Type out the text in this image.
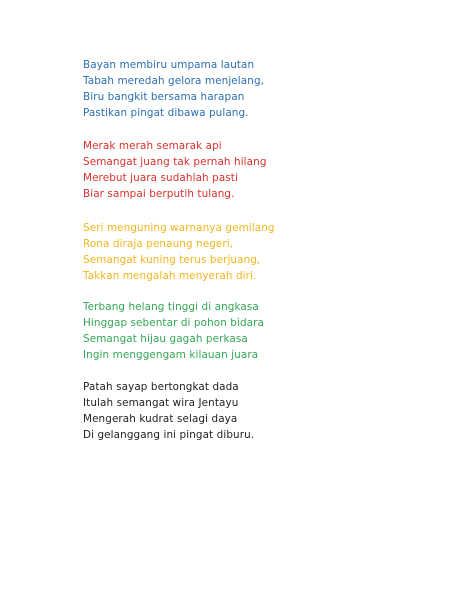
Bayan membiru umpama lautan
Tabah meredah gelora menjelang,
Biru bangkit bersama harapan
Pastikan pingat dibawa pulang.
Merak merah semarak api
Semangat juang tak pernah hilang
Merebut juara sudahlah pasti
Biar sampai berputih tulang.
Seri menguning warnanya gemilang
Rona diraja penaung negeri,
Semangat kuning terus berjuang,
Takkan mengalah menyerah diri.
Terbang helang tinggi di angkasa
Hinggap sebentar di pohon bidara
Semangat hijau gagah perkasa
Ingin menggengam kilauan juara
Patah sayap bertongkat dada
Itulah semangat wira Jentayu
Mengerah kudrat selagi daya
Di gelanggang ini pingat diburu.
